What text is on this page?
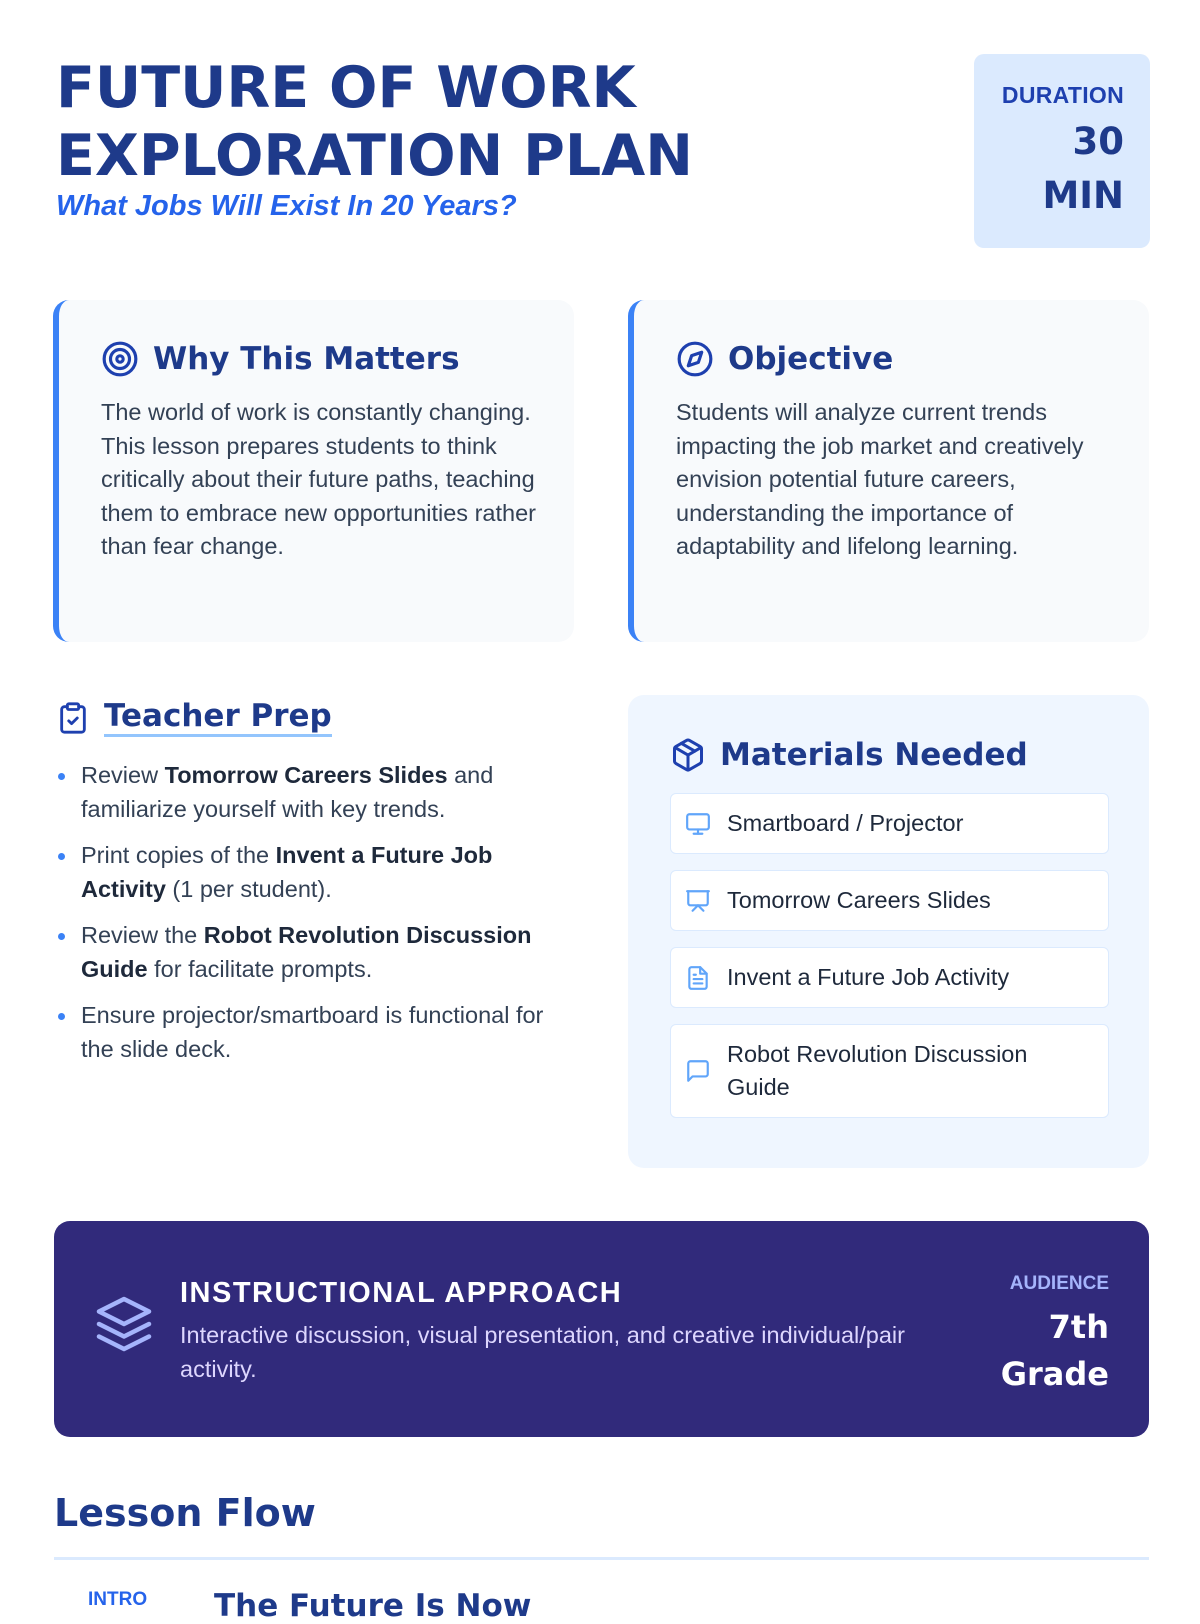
FUTURE OF WORK
EXPLORATION PLAN
What Jobs Will Exist In 20 Years?
DURATION
30
MIN
Why This Matters

The world of work is constantly changing. This lesson prepares students to think critically about their future paths, teaching them to embrace new opportunities rather than fear change.

Objective

Students will analyze current trends impacting the job market and creatively envision potential future careers, understanding the importance of adaptability and lifelong learning.

Teacher Prep
Review Tomorrow Careers Slides and familiarize yourself with key trends.
Print copies of the Invent a Future Job Activity (1 per student).
Review the Robot Revolution Discussion Guide for facilitate prompts.
Ensure projector/smartboard is functional for the slide deck.
Materials Needed
Smartboard / Projector
Tomorrow Careers Slides
Invent a Future Job Activity
Robot Revolution Discussion Guide
INSTRUCTIONAL APPROACH
Interactive discussion, visual presentation, and creative individual/pair activity.
AUDIENCE
7th Grade
Lesson Flow
INTRO The Future Is Now
